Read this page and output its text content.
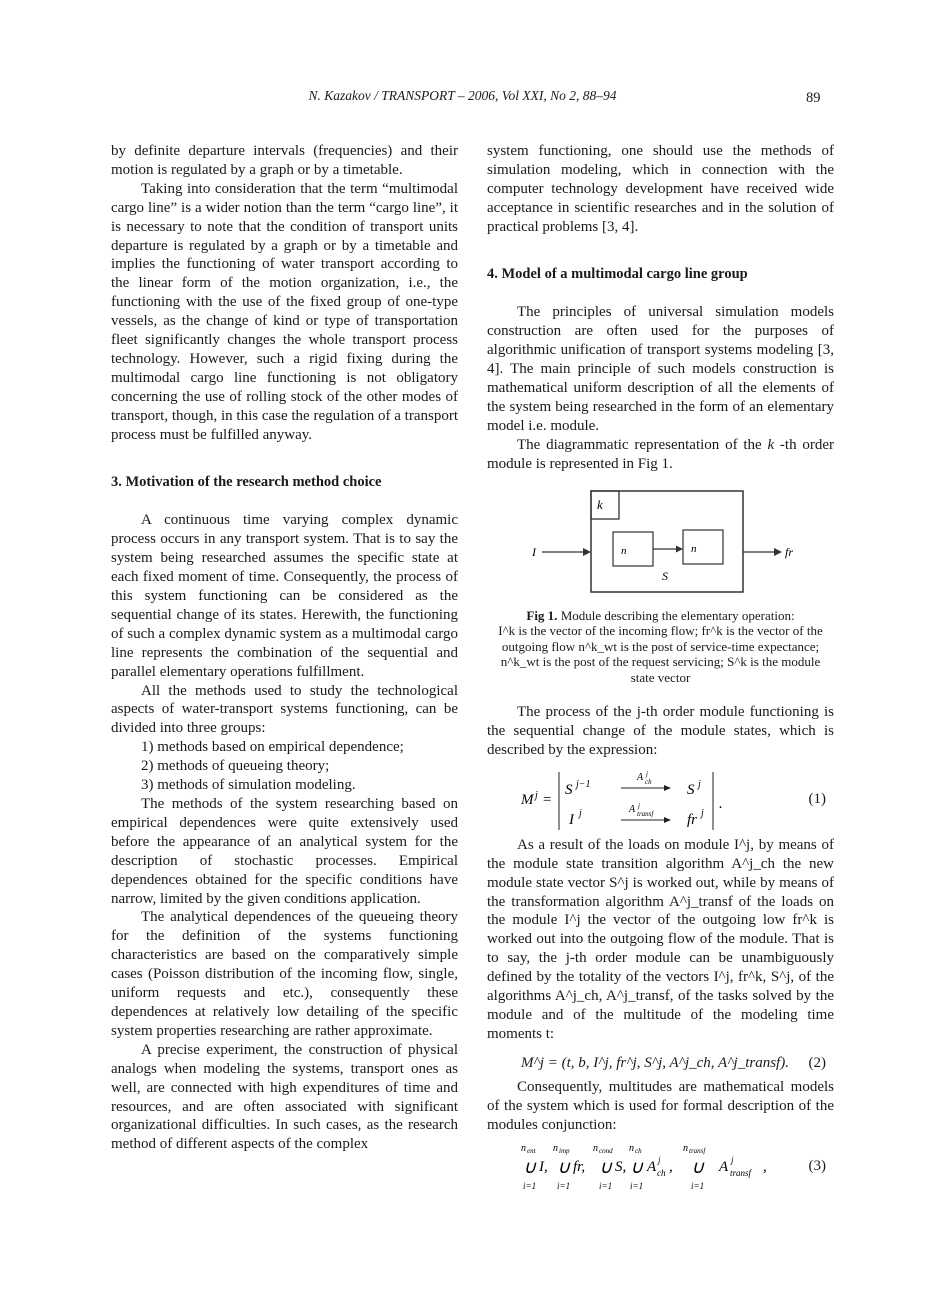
N. Kazakov / TRANSPORT – 2006, Vol XXI, No 2, 88–94	89

by definite departure intervals (frequencies) and their motion is regulated by a graph or by a timetable.

Taking into consideration that the term “multimodal cargo line” is a wider notion than the term “cargo line”, it is necessary to note that the condition of transport units departure is regulated by a graph or by a timetable and implies the functioning of water transport according to the linear form of the motion organization, i.e., the functioning with the use of the fixed group of one-type vessels, as the change of kind or type of transportation fleet significantly changes the whole transport process technology. However, such a rigid fixing during the multimodal cargo line functioning is not obligatory concerning the use of rolling stock of the other modes of transport, though, in this case the regulation of a transport process must be fulfilled anyway.

3. Motivation of the research method choice

A continuous time varying complex dynamic process occurs in any transport system. That is to say the system being researched assumes the specific state at each fixed moment of time. Consequently, the process of this system functioning can be considered as the sequential change of its states. Herewith, the functioning of such a complex dynamic system as a multimodal cargo line represents the combination of the sequential and parallel elementary operations fulfillment.

All the methods used to study the technological aspects of water-transport systems functioning, can be divided into three groups:

1) methods based on empirical dependence;

2) methods of queueing theory;

3) methods of simulation modeling.

The methods of the system researching based on empirical dependences were quite extensively used before the appearance of an analytical system for the description of stochastic processes. Empirical dependences obtained for the specific conditions have narrow, limited by the given conditions application.

The analytical dependences of the queueing theory for the definition of the systems functioning characteristics are based on the comparatively simple cases (Poisson distribution of the incoming flow, single, uniform requests and etc.), consequently these dependences at relatively low detailing of the specific system properties researching are rather approximate.

A precise experiment, the construction of physical analogs when modeling the systems, transport ones as well, are connected with high expenditures of time and resources, and are often associated with significant organizational difficulties. In such cases, as the research method of different aspects of the complex

system functioning, one should use the methods of simulation modeling, which in connection with the computer technology development have received wide acceptance in scientific researches and in the solution of practical problems [3, 4].

4. Model of a multimodal cargo line group

The principles of universal simulation models construction are often used for the purposes of algorithmic unification of transport systems modeling [3, 4]. The main principle of such models construction is mathematical uniform description of all the elements of the system being researched in the form of an elementary model i.e. module.

The diagrammatic representation of the k -th order module is represented in Fig 1.

k
I	fr
n	n
S
Fig 1. Module describing the elementary operation:
I^k is the vector of the incoming flow; fr^k is the vector of the
outgoing flow n^k_wt is the post of service-time expectance;
n^k_wt is the post of the request servicing; S^k is the module
state vector

The process of the j-th order module functioning is the sequential change of the module states, which is described by the expression:

M j =
S j−1
I j
A j
ch
A j
transf
S j
fr j
.	(1)

As a result of the loads on module I^j, by means of the module state transition algorithm A^j_ch the new module state vector S^j is worked out, while by means of the transformation algorithm A^j_transf of the loads on the module I^j the vector of the outgoing low fr^k is worked out into the outgoing flow of the module. That is to say, the j-th order module can be unambiguously defined by the totality of the vectors I^j, fr^k, S^j, of the algorithms A^j_ch, A^j_transf, of the tasks solved by the module and of the multitude of the modeling time moments t:

M^j = (t, b, I^j, fr^j, S^j, A^j_ch, A^j_transf). (2)

Consequently, multitudes are mathematical models of the system which is used for formal description of the modules conjunction:

n ent
∪ I,
i=1
n imp
∪ fr,
i=1
n cond
∪ S,
i=1
n ch
∪ A j
ch ,
i=1
n transf
∪ A j
transf ,
i=1
(3)
